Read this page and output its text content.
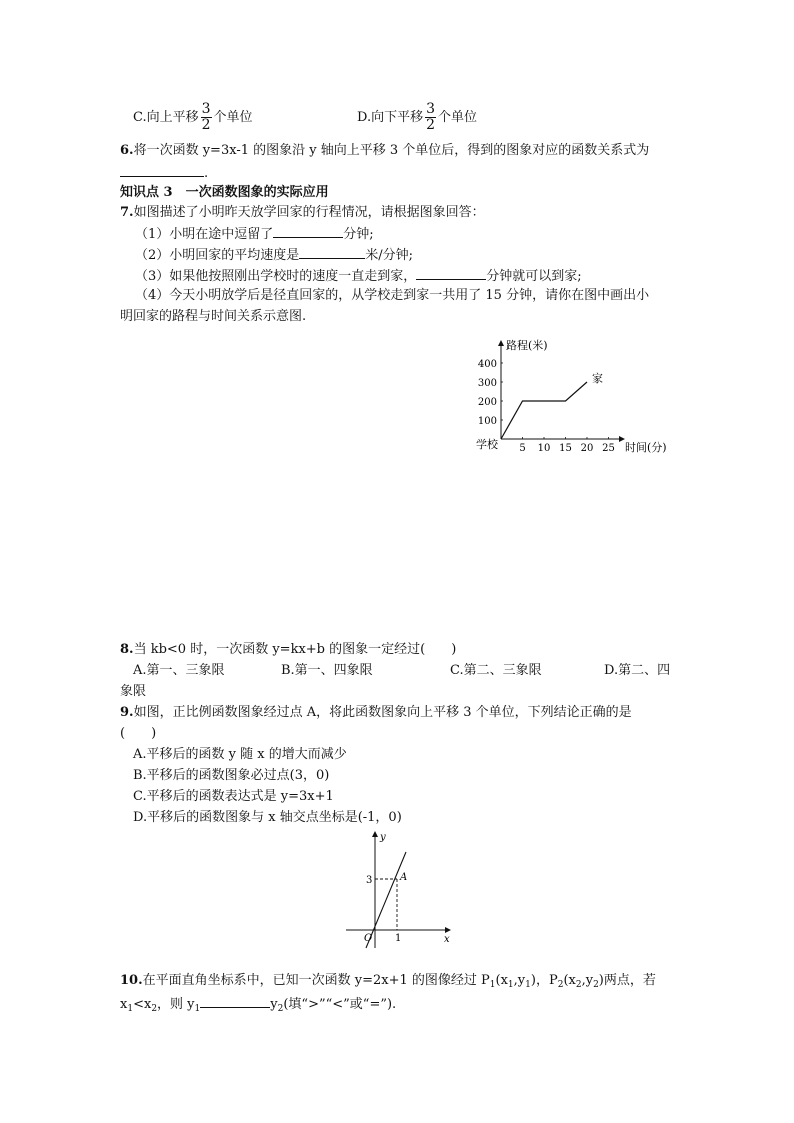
C.向上平移 $\frac{3}{2}$ 个单位	D.向下平移 $\frac{3}{2}$ 个单位
6.将一次函数 y=3x-1 的图象沿 y 轴向上平移 3 个单位后，得到的图象对应的函数关系式为
.
知识点 3　一次函数图象的实际应用
7.如图描述了小明昨天放学回家的行程情况，请根据图象回答：
（1）小明在途中逗留了	分钟;
（2）小明回家的平均速度是	米/分钟;
（3）如果他按照刚出学校时的速度一直走到家，	分钟就可以到家;
（4）今天小明放学后是径直回家的，从学校走到家一共用了 15 分钟，请你在图中画出小
明回家的路程与时间关系示意图.
路程(米)
时间(分)
学校
家
5 10 15 20 25
400
300
200
100
8.当 kb<0 时，一次函数 y=kx+b 的图象一定经过(　　)
A.第一、三象限	B.第一、四象限	C.第二、三象限	D.第二、四
象限
9.如图，正比例函数图象经过点 A，将此函数图象向上平移 3 个单位，下列结论正确的是
(　　)
A.平移后的函数 y 随 x 的增大而减少
B.平移后的函数图象必过点(3，0)
C.平移后的函数表达式是 y=3x+1
D.平移后的函数图象与 x 轴交点坐标是(-1，0)
y
x
O
A
3
1
10.在平面直角坐标系中，已知一次函数 y=2x+1 的图像经过 $P_1(x_1,y_1)$，$P_2(x_2,y_2)$两点，若
$x_1<x_2$，则 $y_1$	$y_2$(填“>”“<”或“=”).
